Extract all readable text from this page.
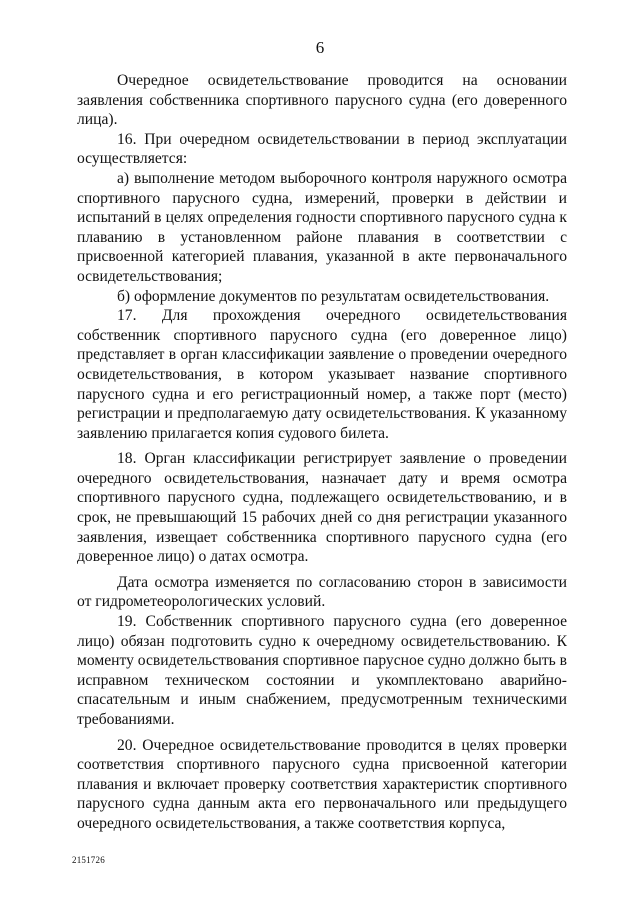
6

Очередное освидетельствование проводится на основании заявления собственника спортивного парусного судна (его доверенного лица).

16. При очередном освидетельствовании в период эксплуатации осуществляется:

а) выполнение методом выборочного контроля наружного осмотра спортивного парусного судна, измерений, проверки в действии и испытаний в целях определения годности спортивного парусного судна к плаванию в установленном районе плавания в соответствии с присвоенной категорией плавания, указанной в акте первоначального освидетельствования;

б) оформление документов по результатам освидетельствования.

17. Для прохождения очередного освидетельствования собственник спортивного парусного судна (его доверенное лицо) представляет в орган классификации заявление о проведении очередного освидетельствования, в котором указывает название спортивного парусного судна и его регистрационный номер, а также порт (место) регистрации и предполагаемую дату освидетельствования. К указанному заявлению прилагается копия судового билета.

18. Орган классификации регистрирует заявление о проведении очередного освидетельствования, назначает дату и время осмотра спортивного парусного судна, подлежащего освидетельствованию, и в срок, не превышающий 15 рабочих дней со дня регистрации указанного заявления, извещает собственника спортивного парусного судна (его доверенное лицо) о датах осмотра.

Дата осмотра изменяется по согласованию сторон в зависимости от гидрометеорологических условий.

19. Собственник спортивного парусного судна (его доверенное лицо) обязан подготовить судно к очередному освидетельствованию. К моменту освидетельствования спортивное парусное судно должно быть в исправном техническом состоянии и укомплектовано аварийно-спасательным и иным снабжением, предусмотренным техническими требованиями.

20. Очередное освидетельствование проводится в целях проверки соответствия спортивного парусного судна присвоенной категории плавания и включает проверку соответствия характеристик спортивного парусного судна данным акта его первоначального или предыдущего очередного освидетельствования, а также соответствия корпуса,

2151726
